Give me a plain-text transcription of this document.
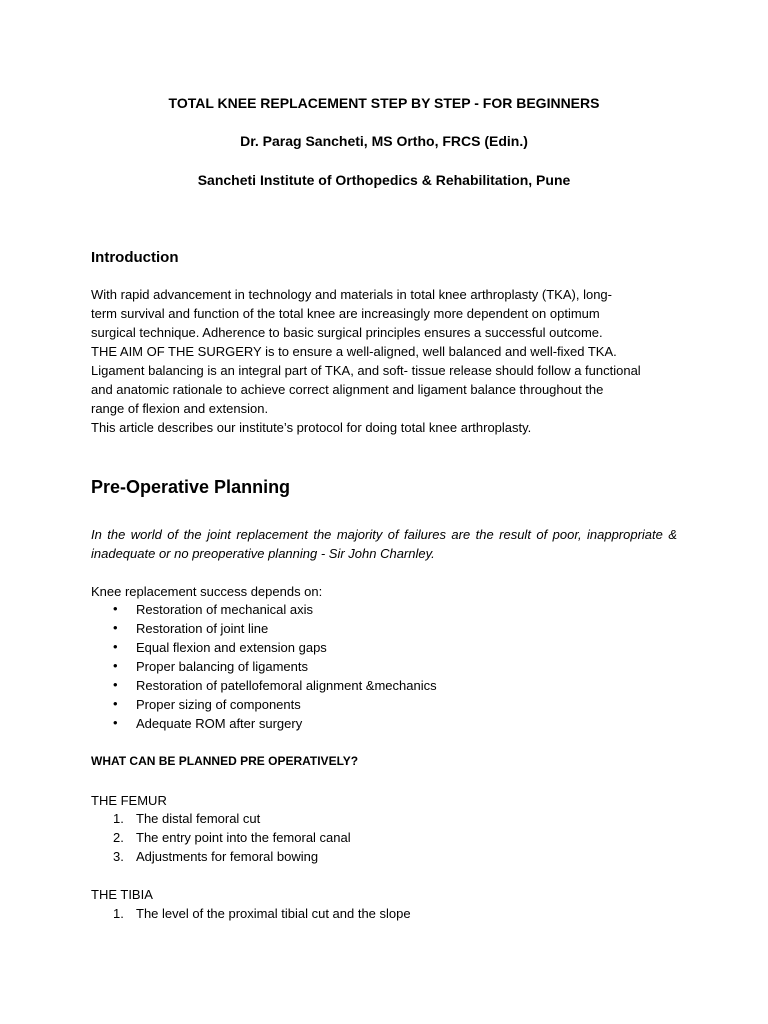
TOTAL KNEE REPLACEMENT STEP BY STEP - FOR BEGINNERS
Dr. Parag Sancheti, MS Ortho, FRCS (Edin.)
Sancheti Institute of Orthopedics & Rehabilitation, Pune
Introduction
With rapid advancement in technology and materials in total knee arthroplasty (TKA), long-
term survival and function of the total knee are increasingly more dependent on optimum
surgical technique. Adherence to basic surgical principles ensures a successful outcome.
THE AIM OF THE SURGERY is to ensure a well-aligned, well balanced and well-fixed TKA.
Ligament balancing is an integral part of TKA, and soft- tissue release should follow a functional
and anatomic rationale to achieve correct alignment and ligament balance throughout the
range of flexion and extension.
This article describes our institute’s protocol for doing total knee arthroplasty.
Pre-Operative Planning

In the world of the joint replacement the majority of failures are the result of poor, inappropriate & inadequate or no preoperative planning - Sir John Charnley.

Knee replacement success depends on:
• Restoration of mechanical axis
• Restoration of joint line
• Equal flexion and extension gaps
• Proper balancing of ligaments
• Restoration of patellofemoral alignment &mechanics
• Proper sizing of components
• Adequate ROM after surgery
WHAT CAN BE PLANNED PRE OPERATIVELY?
THE FEMUR
1. The distal femoral cut
2. The entry point into the femoral canal
3. Adjustments for femoral bowing
THE TIBIA
1. The level of the proximal tibial cut and the slope
